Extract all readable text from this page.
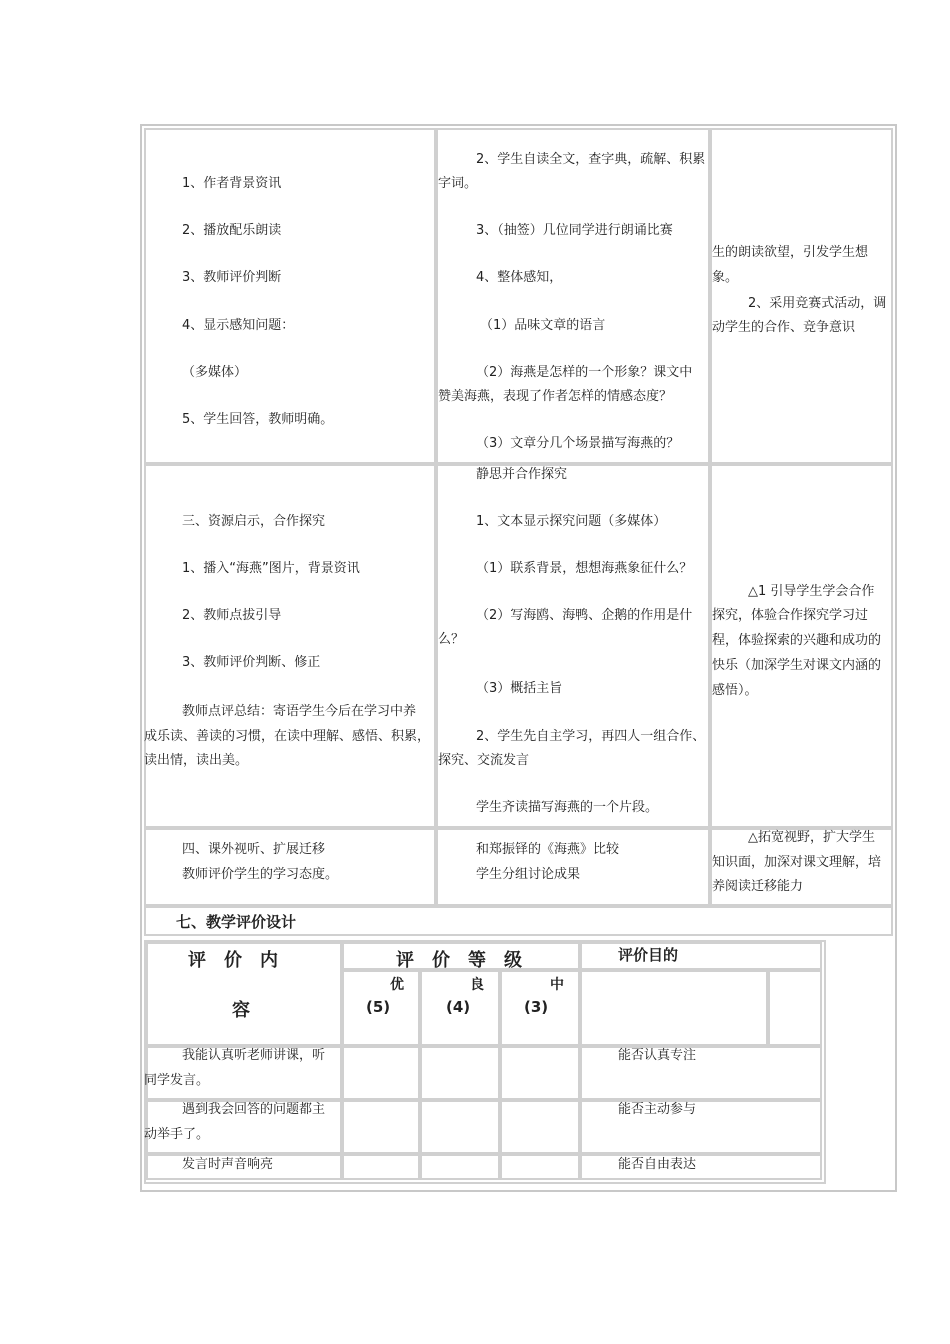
1、作者背景资讯
2、播放配乐朗读
3、教师评价判断
4、显示感知问题：
（多媒体）
5、学生回答，教师明确。
2、学生自读全文，查字典，疏解、积累
字词。
3、（抽签）几位同学进行朗诵比赛
4、整体感知，
（1）品味文章的语言
（2）海燕是怎样的一个形象？课文中
赞美海燕，表现了作者怎样的情感态度？
（3）文章分几个场景描写海燕的？
生的朗读欲望，引发学生想
象。
2、采用竞赛式活动，调
动学生的合作、竞争意识
三、资源启示，合作探究
1、播入“海燕”图片，背景资讯
2、教师点拔引导
3、教师评价判断、修正
教师点评总结：寄语学生今后在学习中养
成乐读、善读的习惯，在读中理解、感悟、积累，
读出情，读出美。
静思并合作探究
1、文本显示探究问题（多媒体）
（1）联系背景，想想海燕象征什么？
（2）写海鸥、海鸭、企鹅的作用是什
么？
（3）概括主旨
2、学生先自主学习，再四人一组合作、
探究、交流发言
学生齐读描写海燕的一个片段。
△1 引导学生学会合作
探究，体验合作探究学习过
程，体验探索的兴趣和成功的
快乐（加深学生对课文内涵的
感悟）。
四、课外视听、扩展迁移
教师评价学生的学习态度。
和郑振铎的《海燕》比较
学生分组讨论成果
△拓宽视野，扩大学生
知识面，加深对课文理解，培
养阅读迁移能力
七、教学评价设计
评　价　内
容
评　价　等　级	评价目的
优
(5)
良
(4)
中
(3)
我能认真听老师讲课，听
同学发言。
能否认真专注
遇到我会回答的问题都主
动举手了。
能否主动参与
发言时声音响亮	能否自由表达
